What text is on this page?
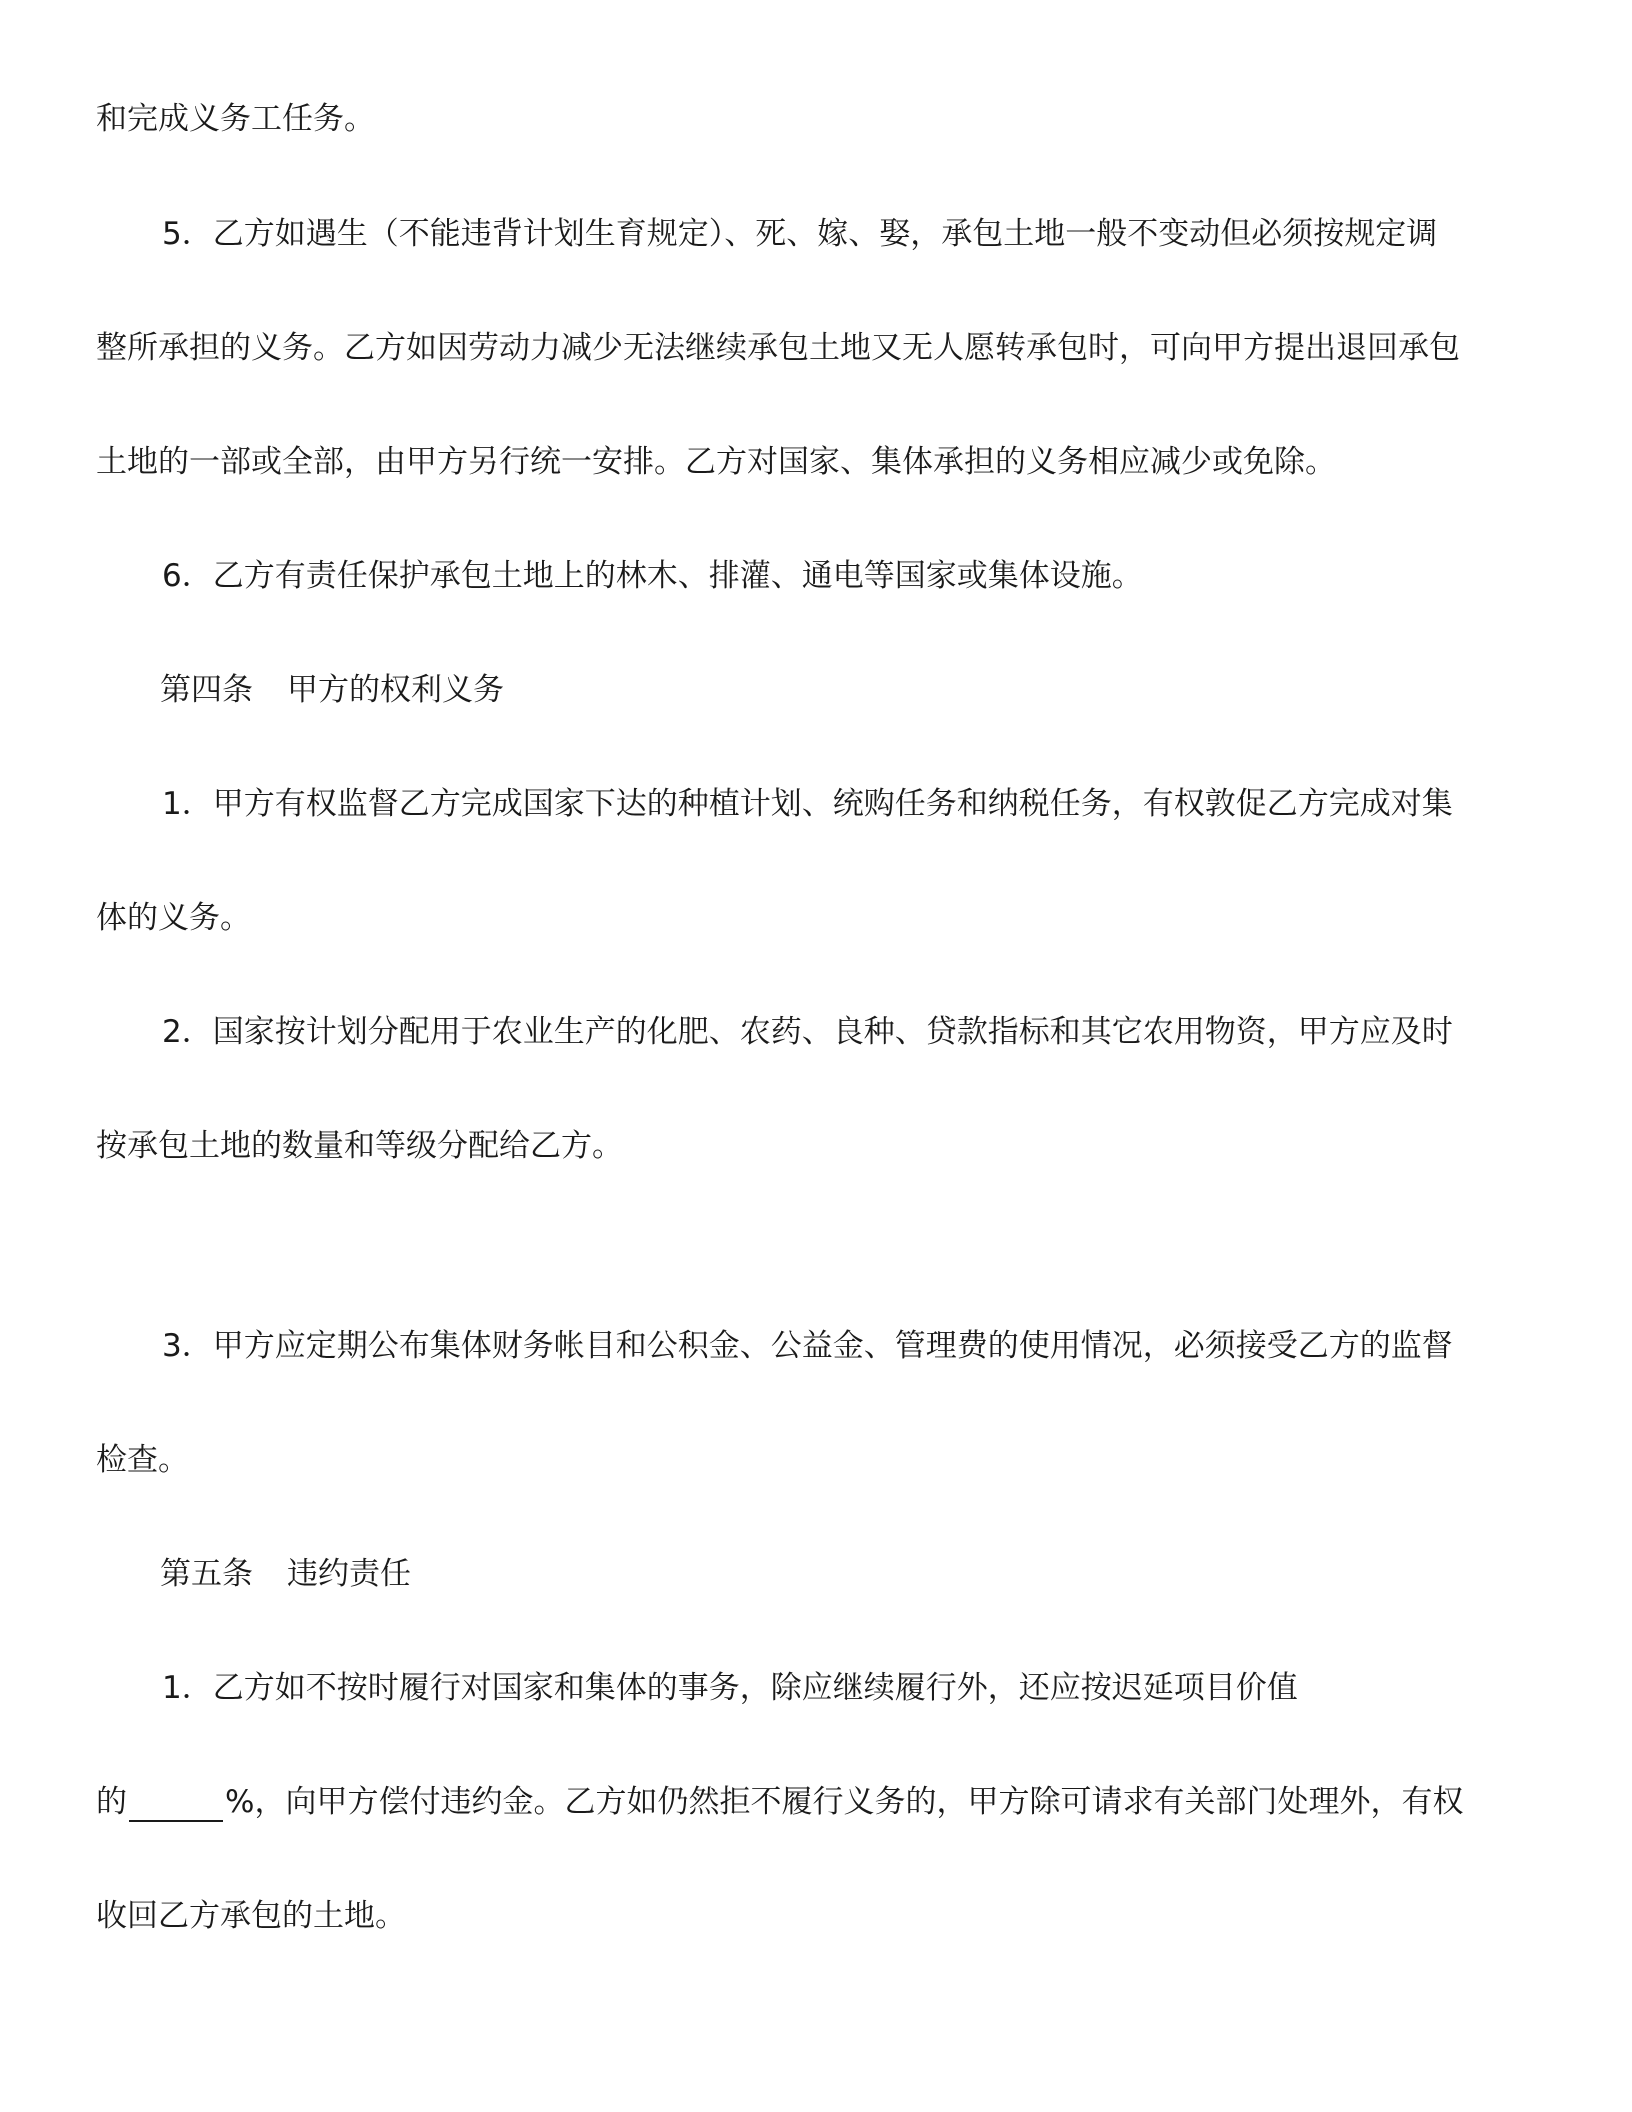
和完成义务工任务。
5．乙方如遇生（不能违背计划生育规定）、死、嫁、娶，承包土地一般不变动但必须按规定调
整所承担的义务。乙方如因劳动力减少无法继续承包土地又无人愿转承包时，可向甲方提出退回承包
土地的一部或全部，由甲方另行统一安排。乙方对国家、集体承担的义务相应减少或免除。
6．乙方有责任保护承包土地上的林木、排灌、通电等国家或集体设施。
第四条 甲方的权利义务
1．甲方有权监督乙方完成国家下达的种植计划、统购任务和纳税任务，有权敦促乙方完成对集
体的义务。
2．国家按计划分配用于农业生产的化肥、农药、良种、贷款指标和其它农用物资，甲方应及时
按承包土地的数量和等级分配给乙方。
3．甲方应定期公布集体财务帐目和公积金、公益金、管理费的使用情况，必须接受乙方的监督
检查。
第五条 违约责任
1．乙方如不按时履行对国家和集体的事务，除应继续履行外，还应按迟延项目价值
的	%，向甲方偿付违约金。乙方如仍然拒不履行义务的，甲方除可请求有关部门处理外，有权
收回乙方承包的土地。
